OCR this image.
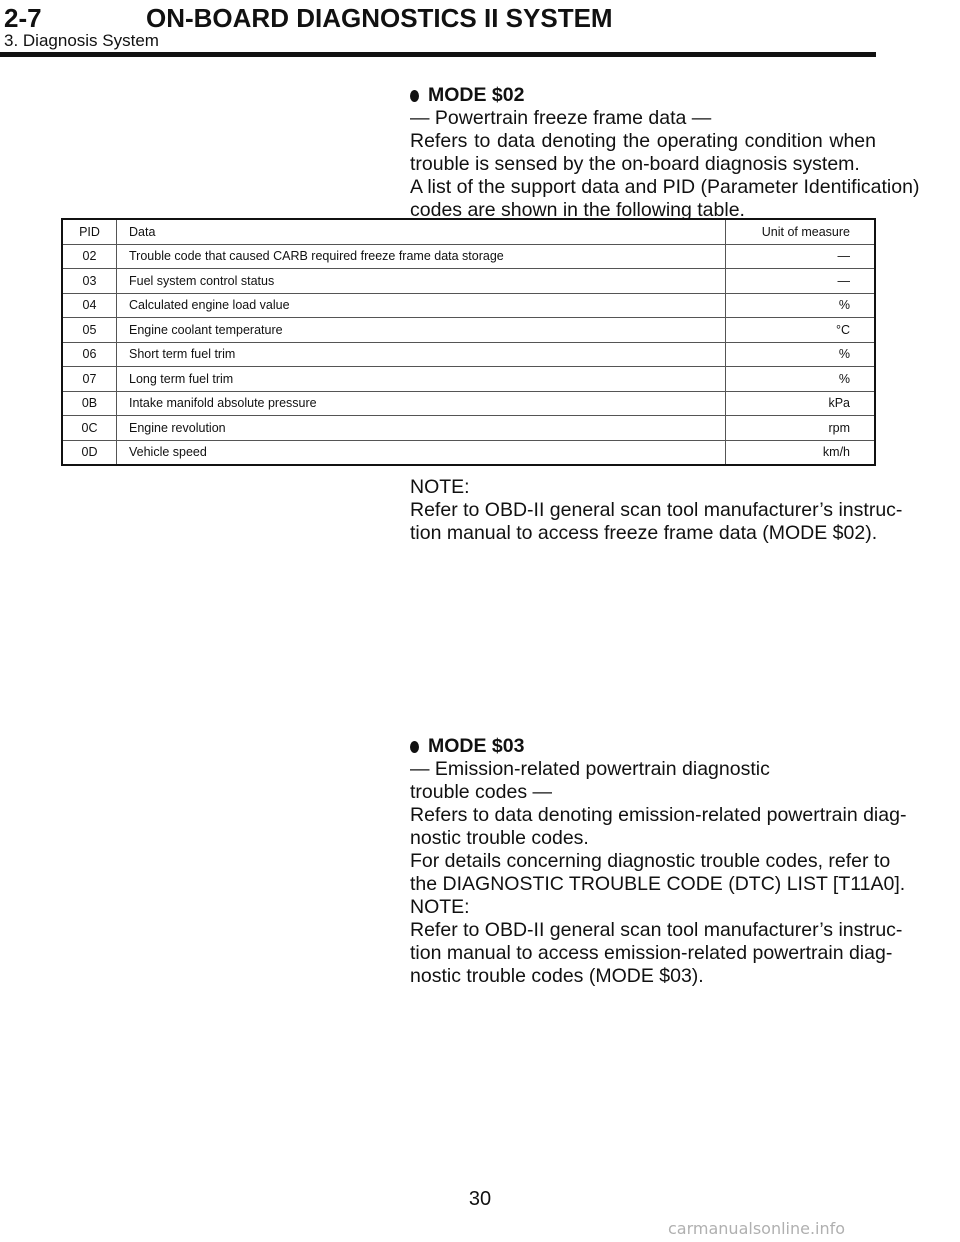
2-7	ON-BOARD DIAGNOSTICS II SYSTEM
3. Diagnosis System
MODE $02
— Powertrain freeze frame data —
Refers to data denoting the operating condition when
trouble is sensed by the on-board diagnosis system.
A list of the support data and PID (Parameter Identification)
codes are shown in the following table.
PID	Data	Unit of measure
02	Trouble code that caused CARB required freeze frame data storage	—
03	Fuel system control status	—
04	Calculated engine load value	%
05	Engine coolant temperature	°C
06	Short term fuel trim	%
07	Long term fuel trim	%
0B	Intake manifold absolute pressure	kPa
0C	Engine revolution	rpm
0D	Vehicle speed	km/h
NOTE:
Refer to OBD-II general scan tool manufacturer’s instruc-
tion manual to access freeze frame data (MODE $02).
MODE $03
— Emission-related powertrain diagnostic
trouble codes —
Refers to data denoting emission-related powertrain diag-
nostic trouble codes.
For details concerning diagnostic trouble codes, refer to
the DIAGNOSTIC TROUBLE CODE (DTC) LIST [T11A0].
NOTE:
Refer to OBD-II general scan tool manufacturer’s instruc-
tion manual to access emission-related powertrain diag-
nostic trouble codes (MODE $03).
30
carmanualsonline.info
